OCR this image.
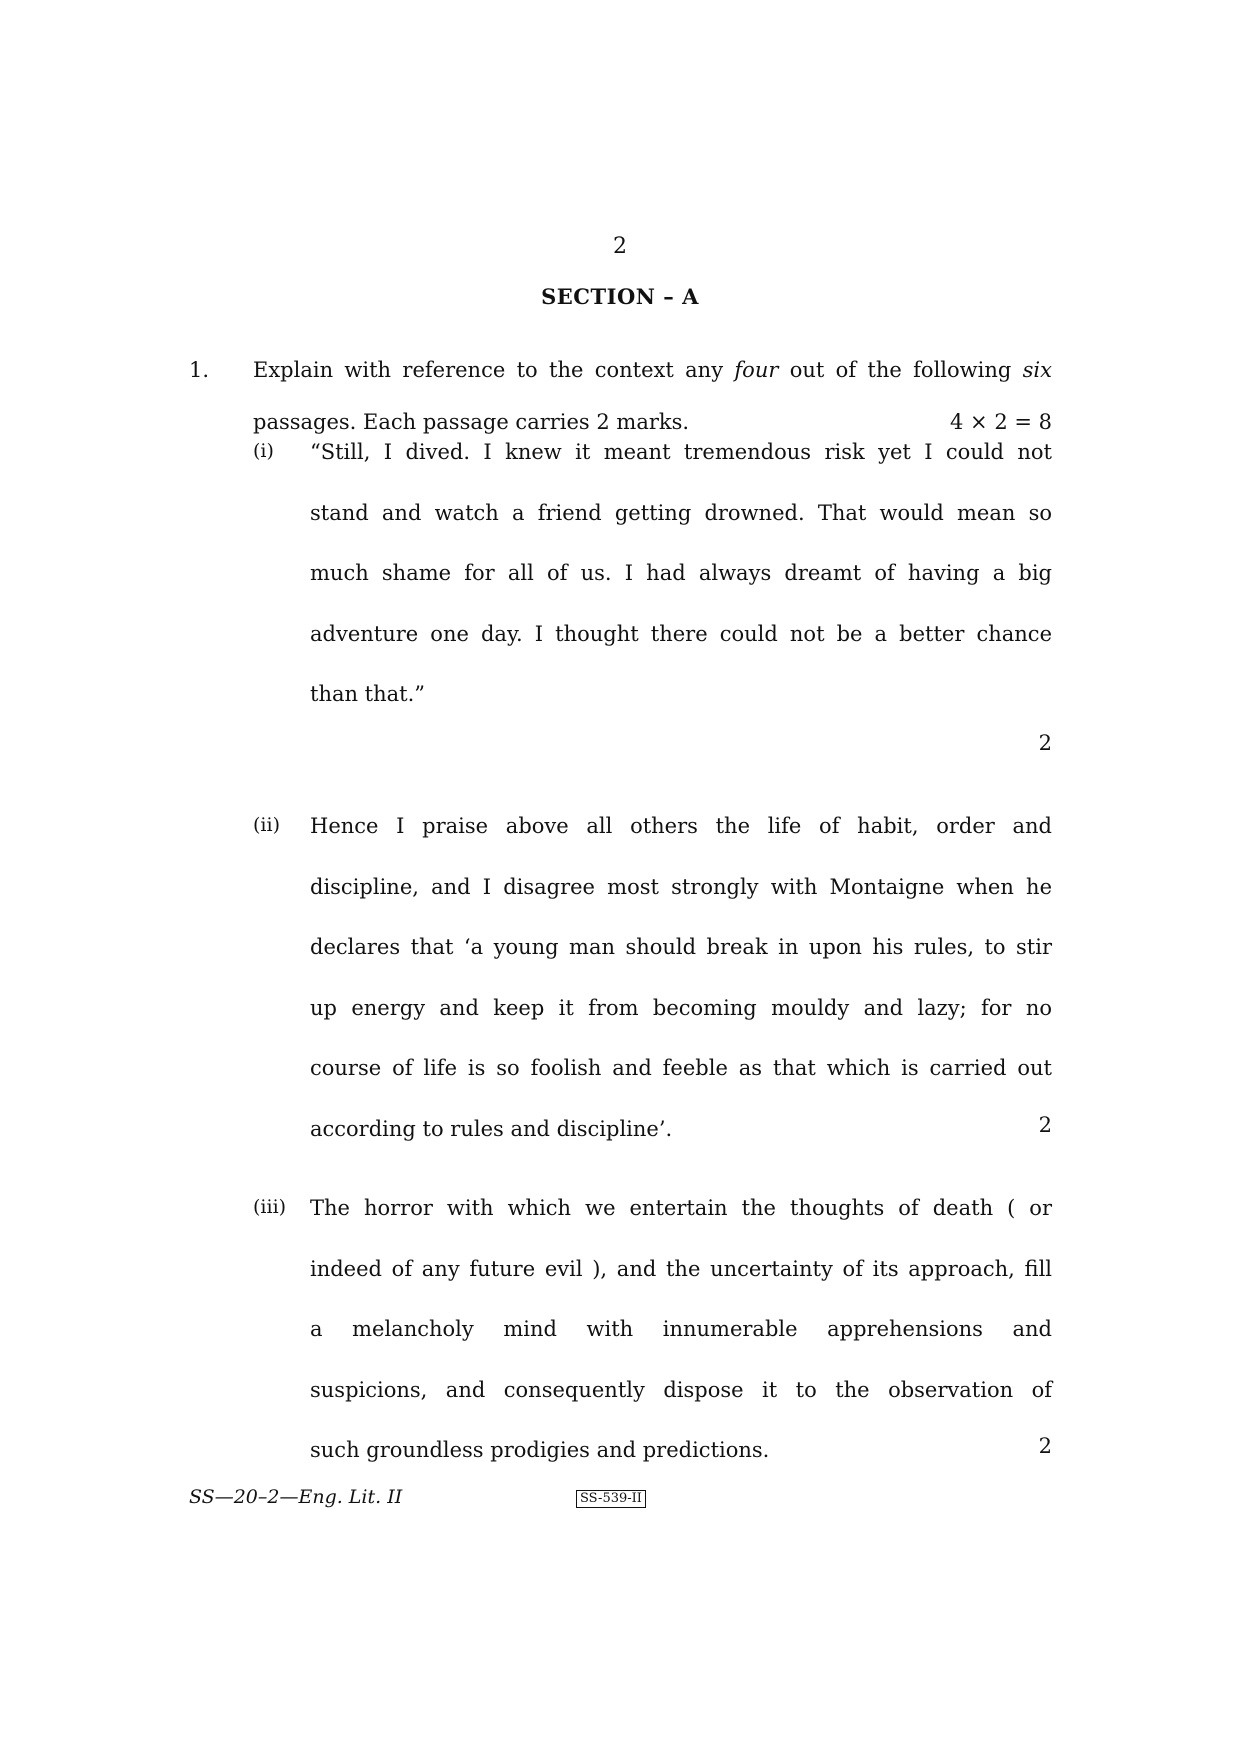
2
SECTION – A
1. Explain with reference to the context any four out of the following six
passages. Each passage carries 2 marks.	4 × 2 = 8
(i) “Still, I dived. I knew it meant tremendous risk yet I could not
stand and watch a friend getting drowned. That would mean so
much shame for all of us. I had always dreamt of having a big
adventure one day. I thought there could not be a better chance
than that.”
2
(ii) Hence I praise above all others the life of habit, order and
discipline, and I disagree most strongly with Montaigne when he
declares that ‘a young man should break in upon his rules, to stir
up energy and keep it from becoming mouldy and lazy; for no
course of life is so foolish and feeble as that which is carried out
according to rules and discipline’.	2
(iii) The horror with which we entertain the thoughts of death ( or
indeed of any future evil ), and the uncertainty of its approach, fill
a melancholy mind with innumerable apprehensions and
suspicions, and consequently dispose it to the observation of
such groundless prodigies and predictions.	2
SS—20–2—Eng. Lit. II	SS-539-II
